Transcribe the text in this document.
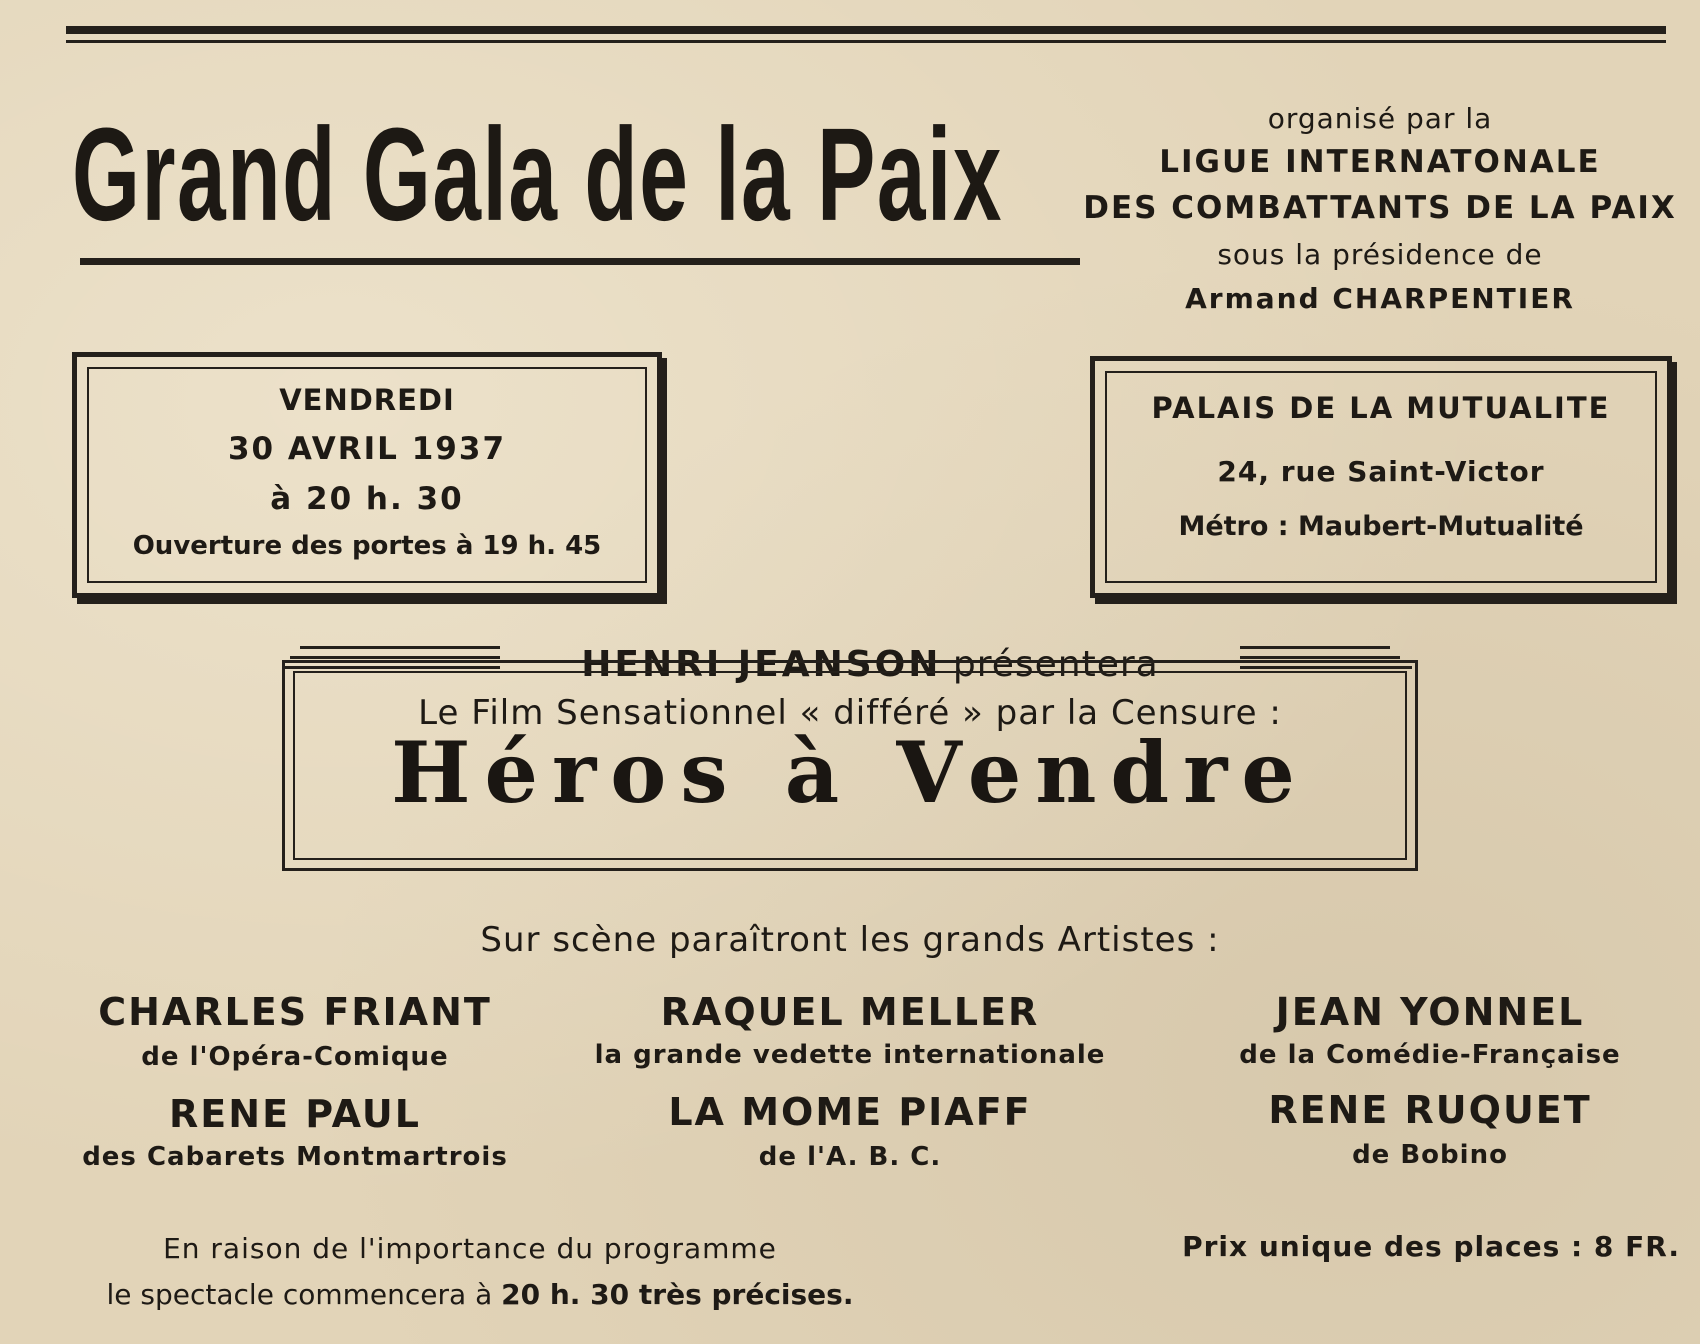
Grand Gala de la Paix	organisé par la
LIGUE INTERNATONALE
DES COMBATTANTS DE LA PAIX
sous la présidence de
Armand CHARPENTIER
VENDREDI
30 AVRIL 1937
à 20 h. 30
Ouverture des portes à 19 h. 45
PALAIS DE LA MUTUALITE
24, rue Saint-Victor
Métro : Maubert-Mutualité
HENRI JEANSON présentera
Le Film Sensationnel « différé » par la Censure :
Héros à Vendre
Sur scène paraîtront les grands Artistes :
CHARLES FRIANT
de l'Opéra-Comique
RAQUEL MELLER
la grande vedette internationale
JEAN YONNEL
de la Comédie-Française
RENE PAUL
des Cabarets Montmartrois
LA MOME PIAFF
de l'A. B. C.
RENE RUQUET
de Bobino
En raison de l'importance du programme
le spectacle commencera à 20 h. 30 très précises.
Prix unique des places : 8 FR.
